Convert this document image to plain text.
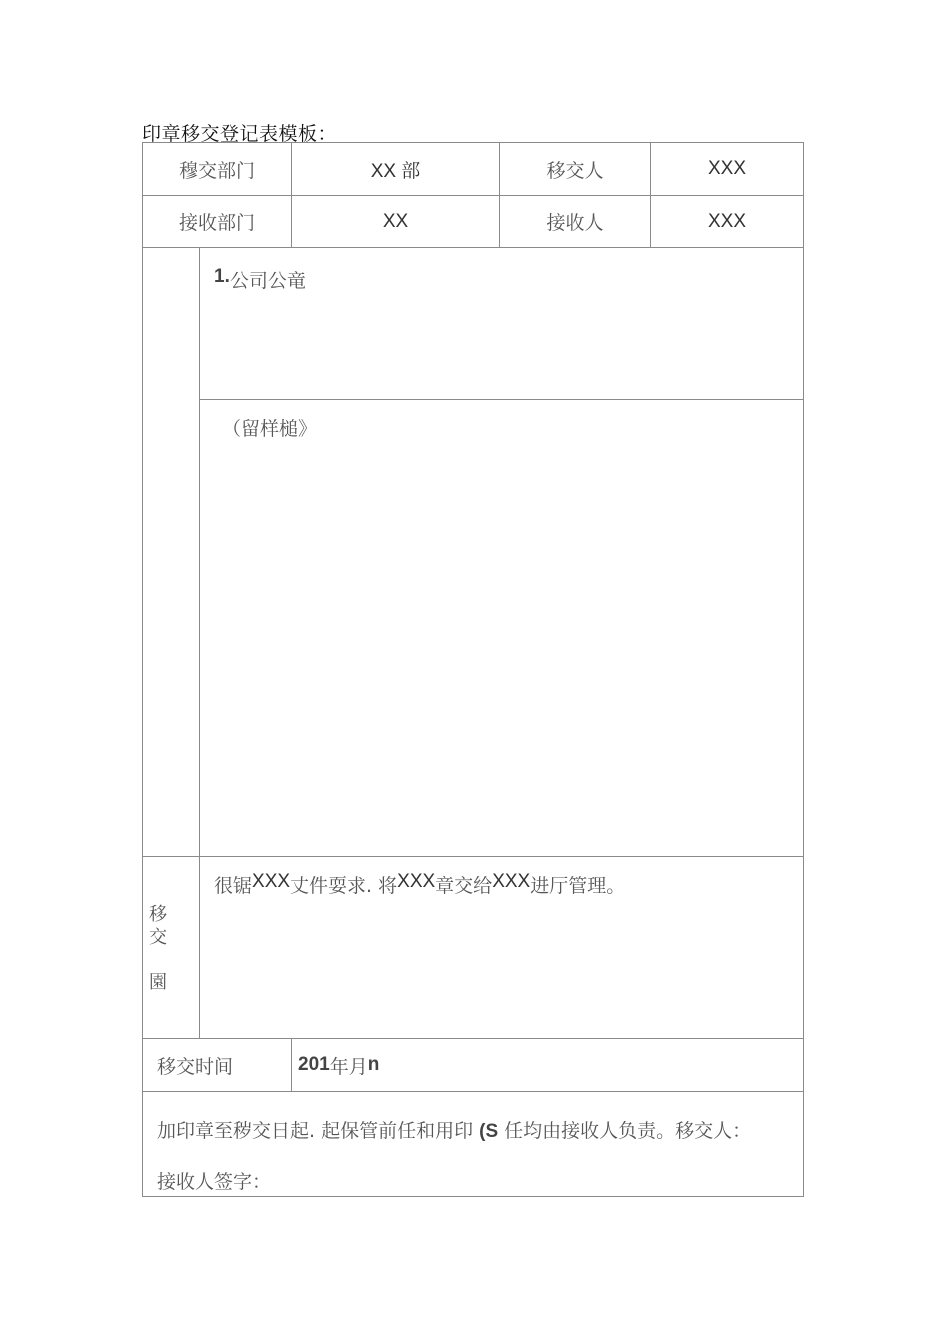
印章移交登记表模板：
穆交部门	XX 部	移交人	XXX
接收部门	XX	接收人	XXX
1. 公司公竜
（留样槌》
移
交
園
很锯 XXX 丈件耍求. 将 XXX 章交给 XXX 进厅管理。
移交时间	201 年月 n
加印章至秽交日起. 起保管前任和用印 (S 任均由接收人负责。移交人：
接收人签字：
